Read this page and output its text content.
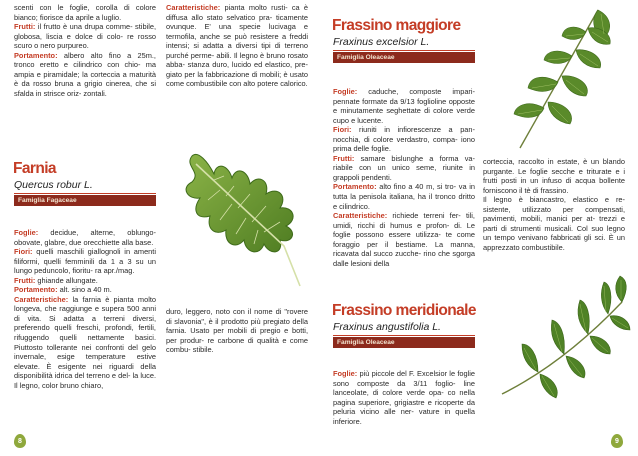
scenti con le foglie, corolla di colore bianco; fiorisce da aprile a luglio.

Frutti: il frutto è una drupa comme- stibile, globosa, liscia e dolce di colo- re rosso scuro o nero purpureo.

Portamento: albero alto fino a 25m., tronco eretto e cilindrico con chio- ma ampia e piramidale; la corteccia a maturità è da rosso bruna a grigio cinerea, che si sfalda in strisce oriz- zontali.

Caratteristiche: pianta molto rusti- ca è diffusa allo stato selvatico pra- ticamente ovunque. E' una specie lucivaga e termofila, anche se può resistere a freddi intensi; si adatta a diversi tipi di terreno purché perme- abili. Il legno è bruno rosato abba- stanza duro, lucido ed elastico, pre- giato per la fabbricazione di mobili; è usato come combustibile con alto potere calorico.

Farnia
Quercus robur L.
Famiglia Fagaceae

Foglie: decidue, alterne, oblungo- obovate, glabre, due orecchiette alla base.

Fiori: quelli maschili giallognoli in amenti filiformi, quelli femminili da 1 a 3 su un lungo peduncolo, fioritu- ra apr./mag.

Frutti: ghiande allungate.

Portamento: alt. sino a 40 m.

Caratteristiche: la farnia è pianta molto longeva, che raggiunge e supera 500 anni di vita. Si adatta a terreni diversi, preferendo quelli freschi, profondi, fertili, rifuggendo quelli nettamente basici. Piuttosto tollerante nei confronti del gelo invernale, esige temperature estive elevate. È esigente nei riguardi della disponibilità idrica del terreno e del- la luce. Il legno, color bruno chiaro,

duro, leggero, noto con il nome di "rovere di slavonia", è il prodotto più pregiato della farnia. Usato per mobili di pregio e botti, per produr- re carbone di qualità e come combu- stibile.

8
Frassino maggiore
Fraxinus excelsior L.
Famiglia Oleaceae

Foglie: caduche, composte impari- pennate formate da 9/13 foglioline opposte e minutamente seghettate di colore verde cupo e lucente.

Fiori: riuniti in infiorescenze a pan- nocchia, di colore verdastro, compa- iono prima delle foglie.

Frutti: samare bislunghe a forma va- riabile con un unico seme, riunite in grappoli pendenti.

Portamento: alto fino a 40 m, si tro- va in tutta la penisola italiana, ha il tronco dritto e cilindrico.

Caratteristiche: richiede terreni fer- tili, umidi, ricchi di humus e profon- di. Le foglie possono essere utilizza- te come foraggio per il bestiame. La manna, ricavata dal succo zucche- rino che sgorga dalle lesioni della

corteccia, raccolto in estate, è un blando purgante. Le foglie secche e triturate e i frutti posti in un infuso di acqua bollente forniscono il tè di frassino.

Il legno è biancastro, elastico e re- sistente, utilizzato per compensati, pavimenti, mobili, manici per at- trezzi e parti di strumenti musicali. Col suo legno un tempo venivano fabbricati gli sci. È un apprezzato combustibile.

Frassino meridionale
Fraxinus angustifolia L.
Famiglia Oleaceae

Foglie: più piccole del F. Excelsior le foglie sono composte da 3/11 foglio- line lanceolate, di colore verde opa- co nella pagina superiore, grigiastre e ricoperte da peluria vicino alle ner- vature in quella inferiore.

9
